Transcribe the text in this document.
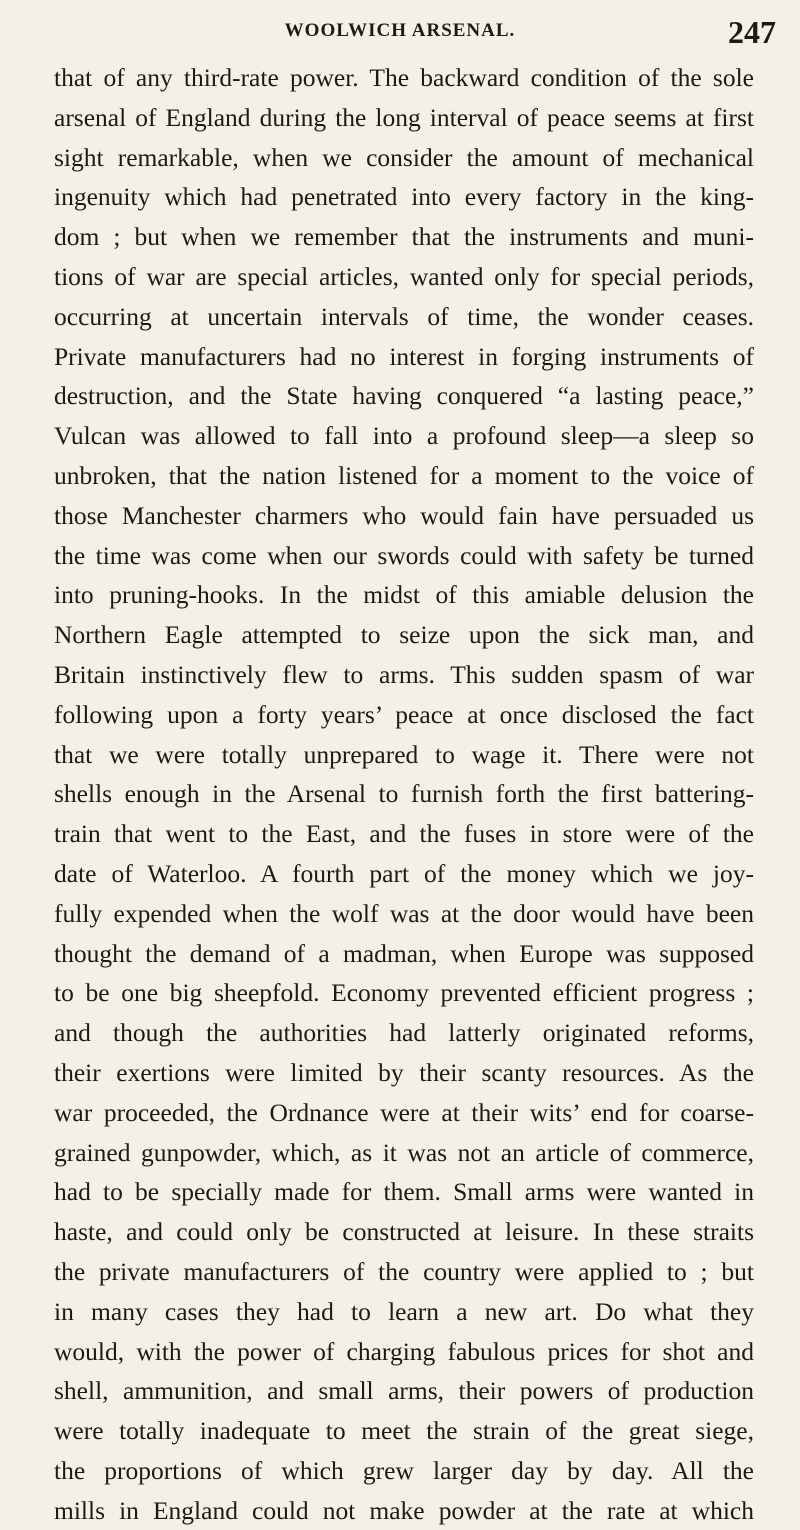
WOOLWICH ARSENAL.	247
that of any third-rate power. The backward condition of the sole
arsenal of England during the long interval of peace seems at first
sight remarkable, when we consider the amount of mechanical
ingenuity which had penetrated into every factory in the king-
dom ; but when we remember that the instruments and muni-
tions of war are special articles, wanted only for special periods,
occurring at uncertain intervals of time, the wonder ceases.
Private manufacturers had no interest in forging instruments of
destruction, and the State having conquered “a lasting peace,”
Vulcan was allowed to fall into a profound sleep—a sleep so
unbroken, that the nation listened for a moment to the voice of
those Manchester charmers who would fain have persuaded us
the time was come when our swords could with safety be turned
into pruning-hooks. In the midst of this amiable delusion the
Northern Eagle attempted to seize upon the sick man, and
Britain instinctively flew to arms. This sudden spasm of war
following upon a forty years’ peace at once disclosed the fact
that we were totally unprepared to wage it. There were not
shells enough in the Arsenal to furnish forth the first battering-
train that went to the East, and the fuses in store were of the
date of Waterloo. A fourth part of the money which we joy-
fully expended when the wolf was at the door would have been
thought the demand of a madman, when Europe was supposed
to be one big sheepfold. Economy prevented efficient progress ;
and though the authorities had latterly originated reforms,
their exertions were limited by their scanty resources. As the
war proceeded, the Ordnance were at their wits’ end for coarse-
grained gunpowder, which, as it was not an article of commerce,
had to be specially made for them. Small arms were wanted in
haste, and could only be constructed at leisure. In these straits
the private manufacturers of the country were applied to ; but
in many cases they had to learn a new art. Do what they
would, with the power of charging fabulous prices for shot and
shell, ammunition, and small arms, their powers of production
were totally inadequate to meet the strain of the great siege,
the proportions of which grew larger day by day. All the
mills in England could not make powder at the rate at which
